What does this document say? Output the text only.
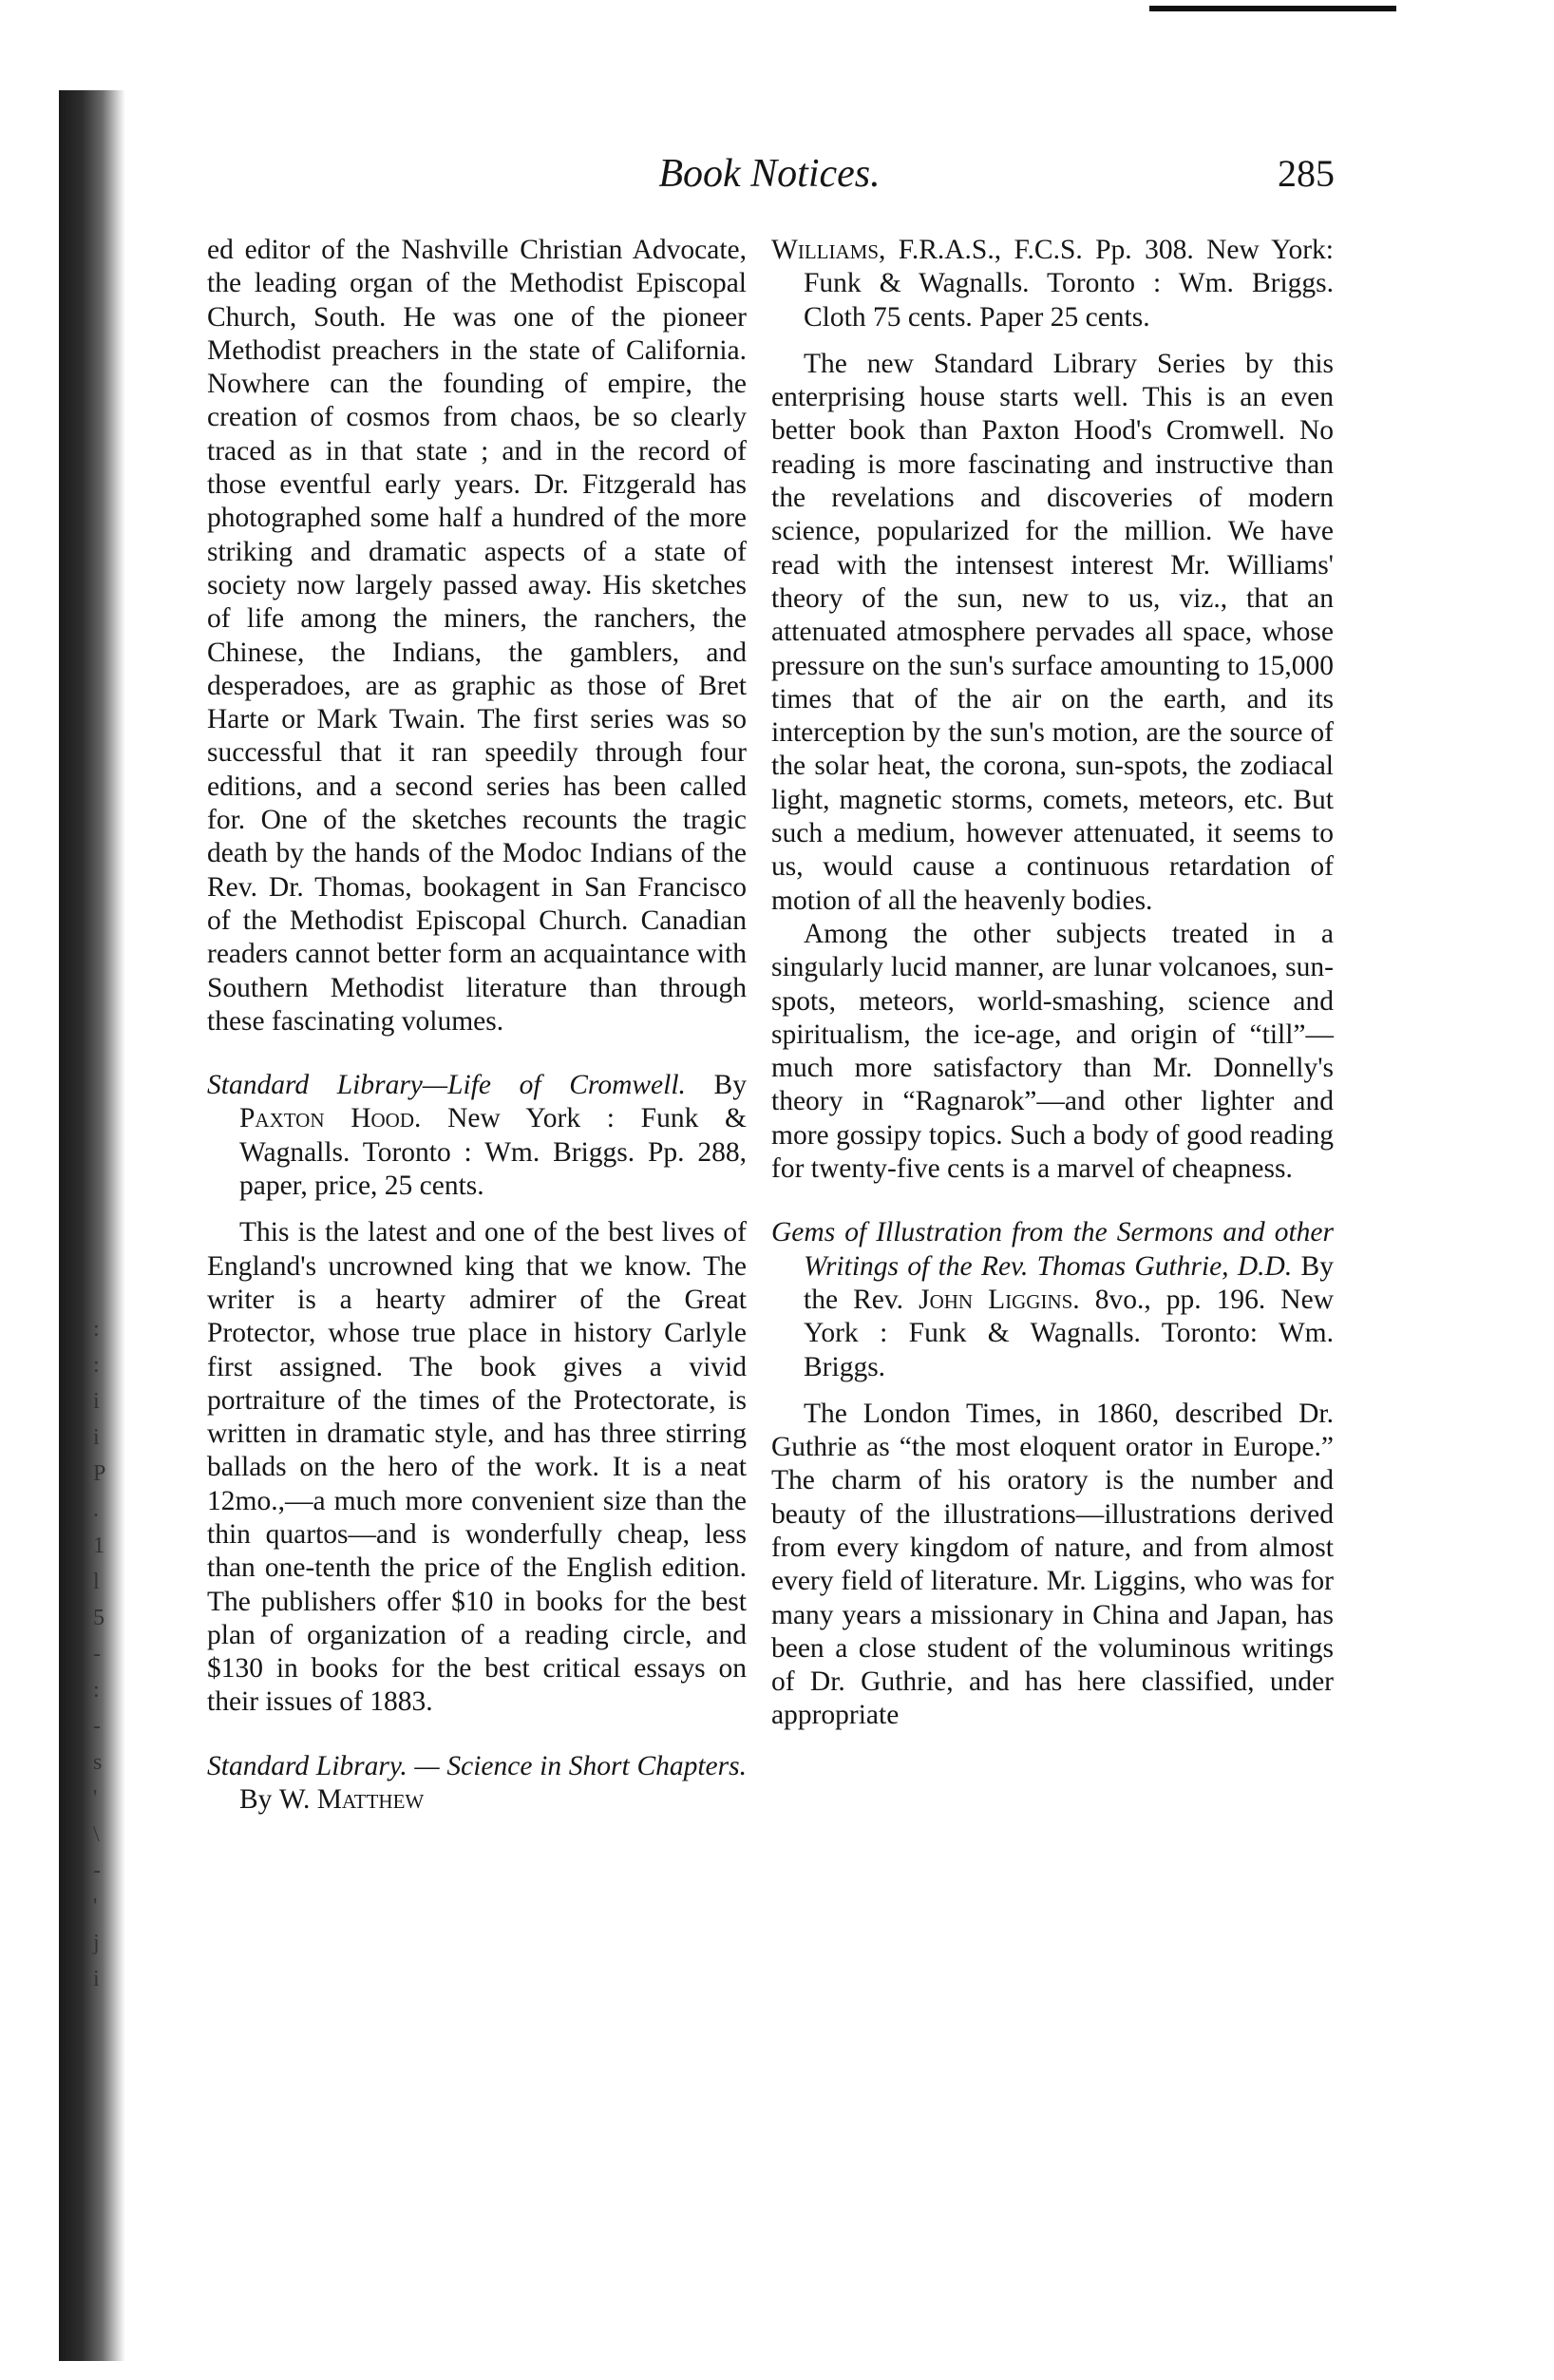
:
:
i
i
P
.
1
l
5
-
:
-
s
'
\
-
'
j
i
Book Notices.	285

ed editor of the Nashville Christian Advocate, the leading organ of the Methodist Episcopal Church, South. He was one of the pioneer Methodist preachers in the state of California. Nowhere can the founding of empire, the creation of cosmos from chaos, be so clearly traced as in that state ; and in the record of those eventful early years. Dr. Fitzgerald has photographed some half a hundred of the more striking and dramatic aspects of a state of society now largely passed away. His sketches of life among the miners, the ranchers, the Chinese, the Indians, the gamblers, and desperadoes, are as graphic as those of Bret Harte or Mark Twain. The first series was so successful that it ran speedily through four editions, and a second series has been called for. One of the sketches recounts the tragic death by the hands of the Modoc Indians of the Rev. Dr. Thomas, bookagent in San Francisco of the Methodist Episcopal Church. Canadian readers cannot better form an acquaintance with Southern Methodist literature than through these fascinating volumes.

Standard Library—Life of Cromwell. By Paxton Hood. New York : Funk & Wagnalls. Toronto : Wm. Briggs. Pp. 288, paper, price, 25 cents.

This is the latest and one of the best lives of England's uncrowned king that we know. The writer is a hearty admirer of the Great Protector, whose true place in history Carlyle first assigned. The book gives a vivid portraiture of the times of the Protectorate, is written in dramatic style, and has three stirring ballads on the hero of the work. It is a neat 12mo.,—a much more convenient size than the thin quartos—and is wonderfully cheap, less than one-tenth the price of the English edition. The publishers offer $10 in books for the best plan of organization of a reading circle, and $130 in books for the best critical essays on their issues of 1883.

Standard Library. — Science in Short Chapters. By W. Matthew

Williams, F.R.A.S., F.C.S. Pp. 308. New York: Funk & Wagnalls. Toronto : Wm. Briggs. Cloth 75 cents. Paper 25 cents.

The new Standard Library Series by this enterprising house starts well. This is an even better book than Paxton Hood's Cromwell. No reading is more fascinating and instructive than the revelations and discoveries of modern science, popularized for the million. We have read with the intensest interest Mr. Williams' theory of the sun, new to us, viz., that an attenuated atmosphere pervades all space, whose pressure on the sun's surface amounting to 15,000 times that of the air on the earth, and its interception by the sun's motion, are the source of the solar heat, the corona, sun-spots, the zodiacal light, magnetic storms, comets, meteors, etc. But such a medium, however attenuated, it seems to us, would cause a continuous retardation of motion of all the heavenly bodies.

Among the other subjects treated in a singularly lucid manner, are lunar volcanoes, sun-spots, meteors, world-smashing, science and spiritualism, the ice-age, and origin of “till”—much more satisfactory than Mr. Donnelly's theory in “Ragnarok”—and other lighter and more gossipy topics. Such a body of good reading for twenty-five cents is a marvel of cheapness.

Gems of Illustration from the Sermons and other Writings of the Rev. Thomas Guthrie, D.D. By the Rev. John Liggins. 8vo., pp. 196. New York : Funk & Wagnalls. Toronto: Wm. Briggs.

The London Times, in 1860, described Dr. Guthrie as “the most eloquent orator in Europe.” The charm of his oratory is the number and beauty of the illustrations—illustrations derived from every kingdom of nature, and from almost every field of literature. Mr. Liggins, who was for many years a missionary in China and Japan, has been a close student of the voluminous writings of Dr. Guthrie, and has here classified, under appropriate
